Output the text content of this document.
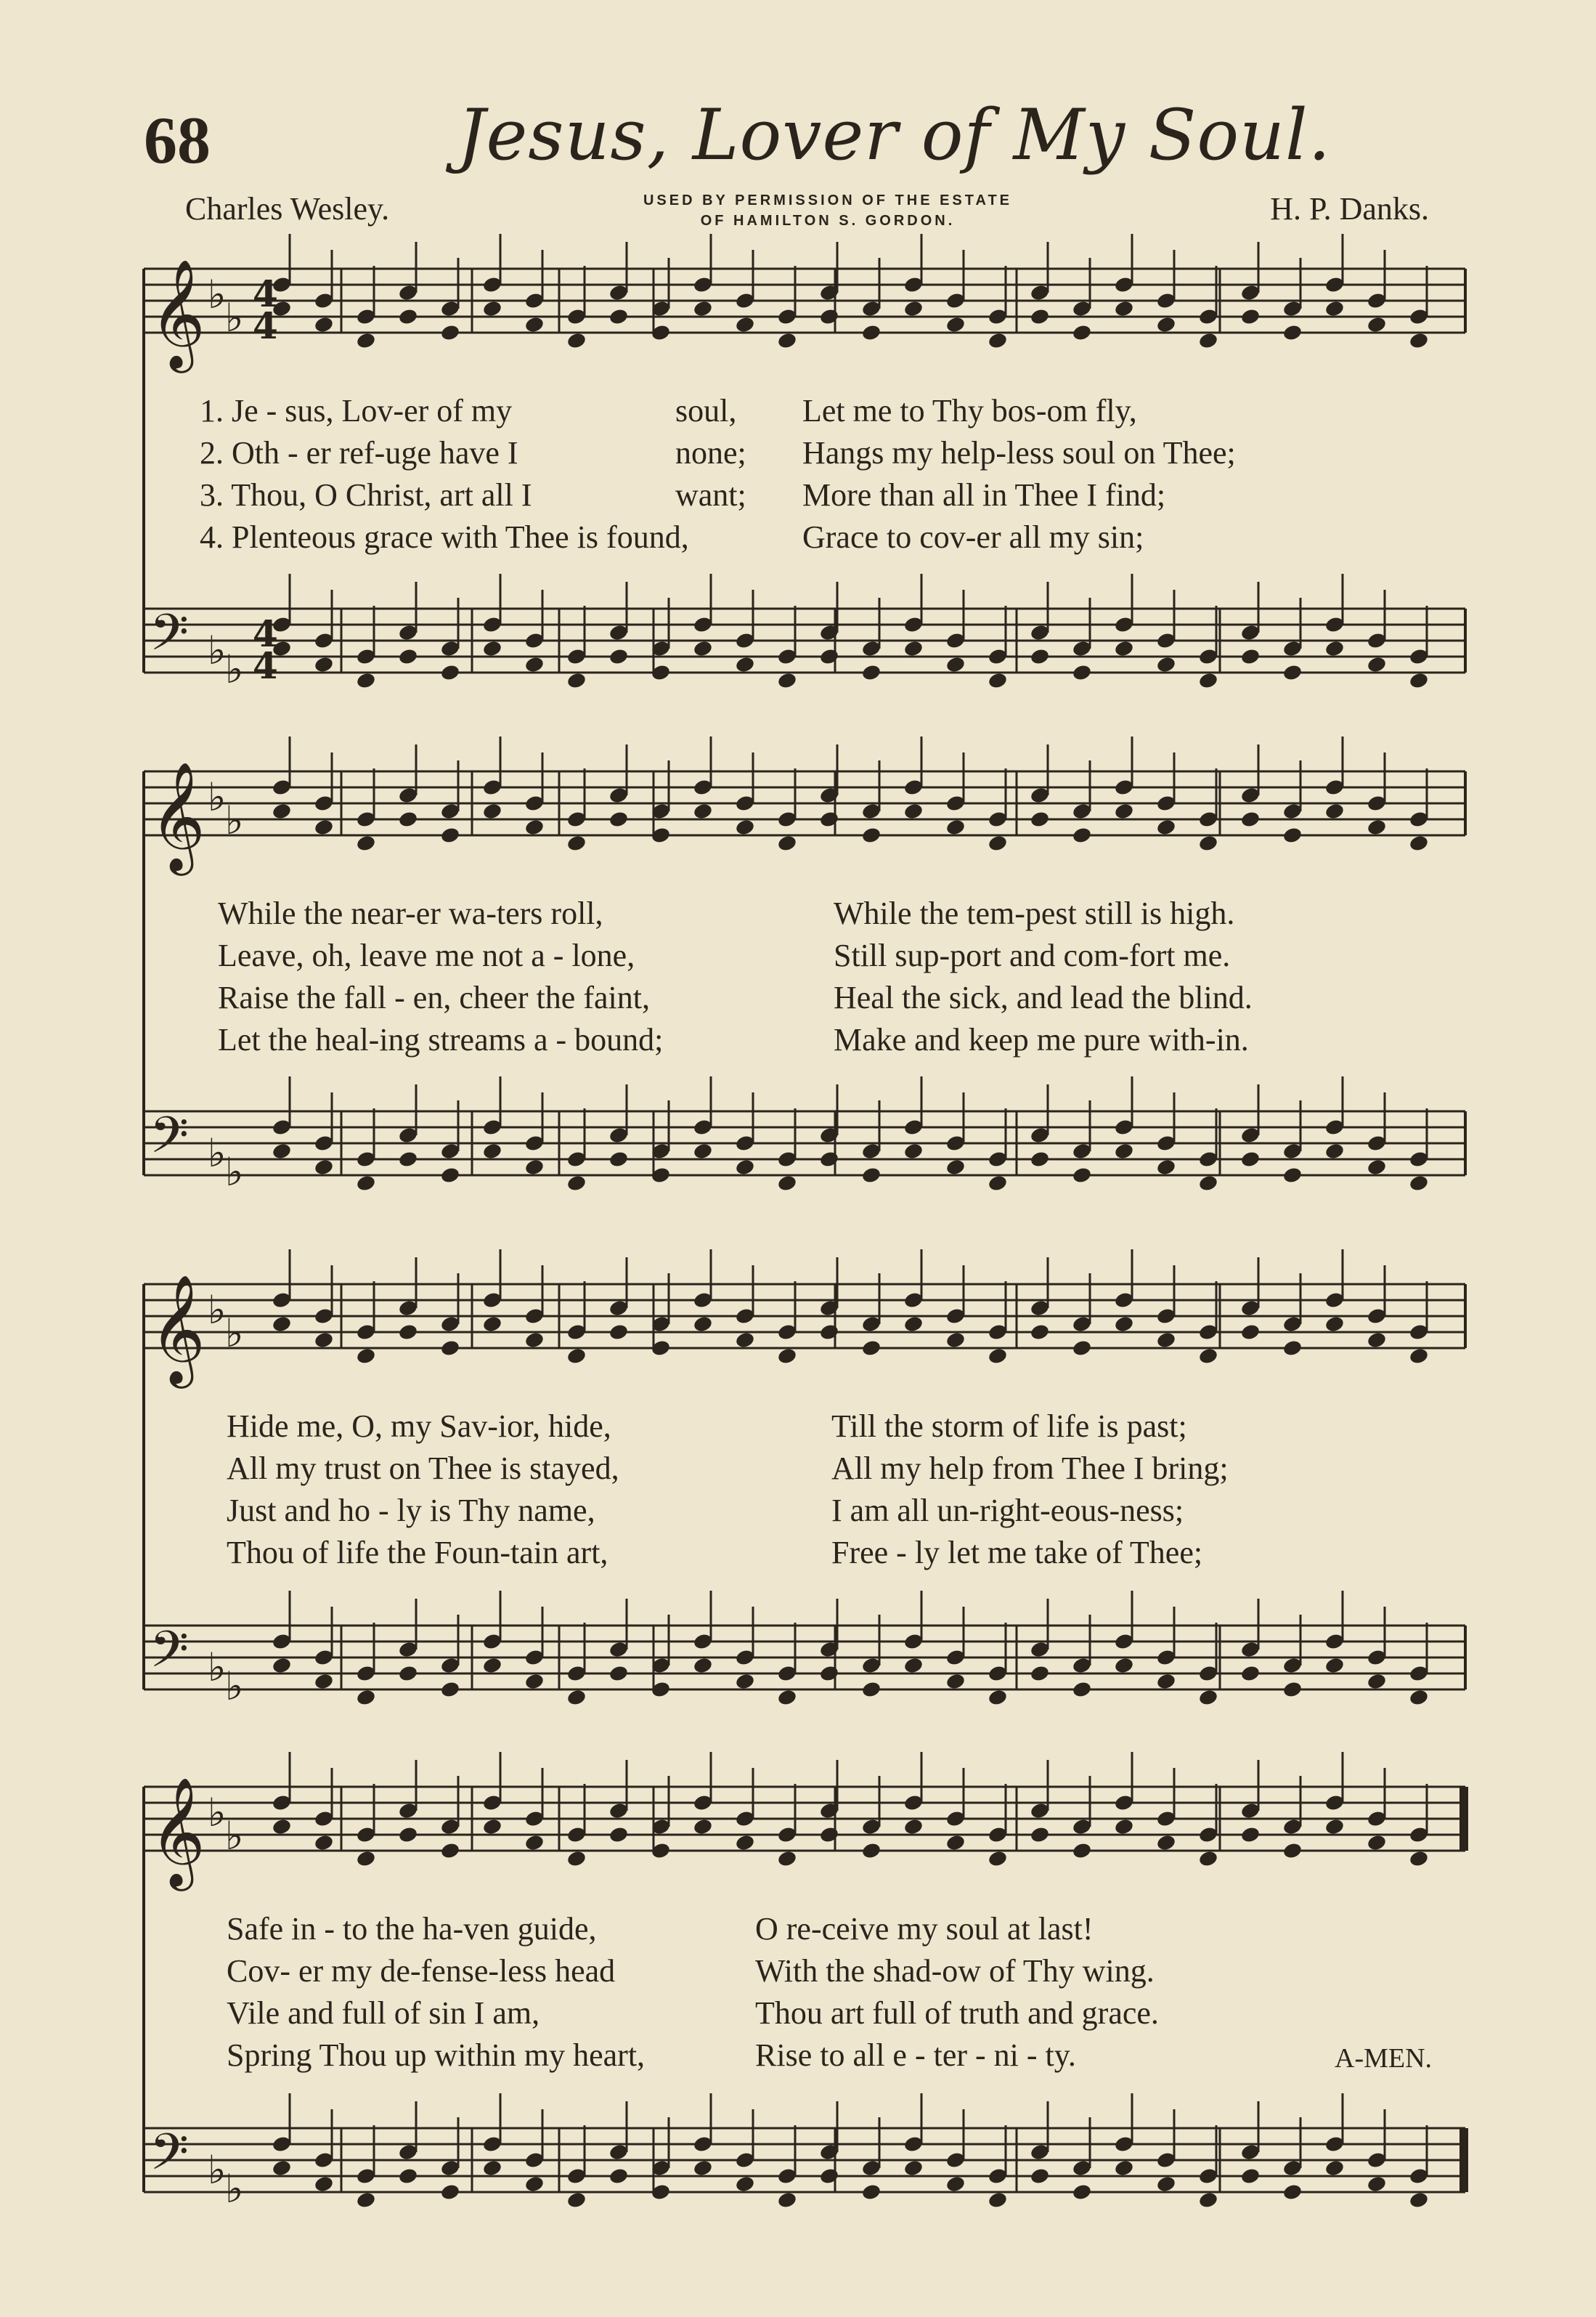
68	Jesus, Lover of My Soul.
Charles Wesley.	USED BY PERMISSION OF THE ESTATE
OF HAMILTON S. GORDON.	H. P. Danks.
𝄞 ♭
♭
𝄢 ♭
♭
𝄞 ♭
♭
𝄢 ♭
♭
𝄞 ♭
♭
𝄢 ♭
♭
𝄞 ♭
♭
𝄢 ♭
♭
4
4
4
4
1. Je - sus, Lov-er of my	soul, Let me to Thy bos-om fly,
2. Oth - er ref-uge have I	none; Hangs my help-less soul on Thee;
3. Thou, O Christ, art all I	want; More than all in Thee I find;
4. Plenteous grace with Thee is found,	Grace to cov-er all my sin;
While the near-er wa-ters roll,	While the tem-pest still is high.
Leave, oh, leave me not a - lone,	Still sup-port and com-fort me.
Raise the fall - en, cheer the faint,	Heal the sick, and lead the blind.
Let the heal-ing streams a - bound;	Make and keep me pure with-in.
Hide me, O, my Sav-ior, hide,	Till the storm of life is past;
All my trust on Thee is stayed,	All my help from Thee I bring;
Just and ho - ly is Thy name,	I am all un-right-eous-ness;
Thou of life the Foun-tain art,	Free - ly let me take of Thee;
Safe in - to the ha-ven guide,	O re-ceive my soul at last!
Cov- er my de-fense-less head	With the shad-ow of Thy wing.
Vile and full of sin I am,	Thou art full of truth and grace.
Spring Thou up within my heart,	Rise to all e - ter - ni - ty.	A-MEN.
